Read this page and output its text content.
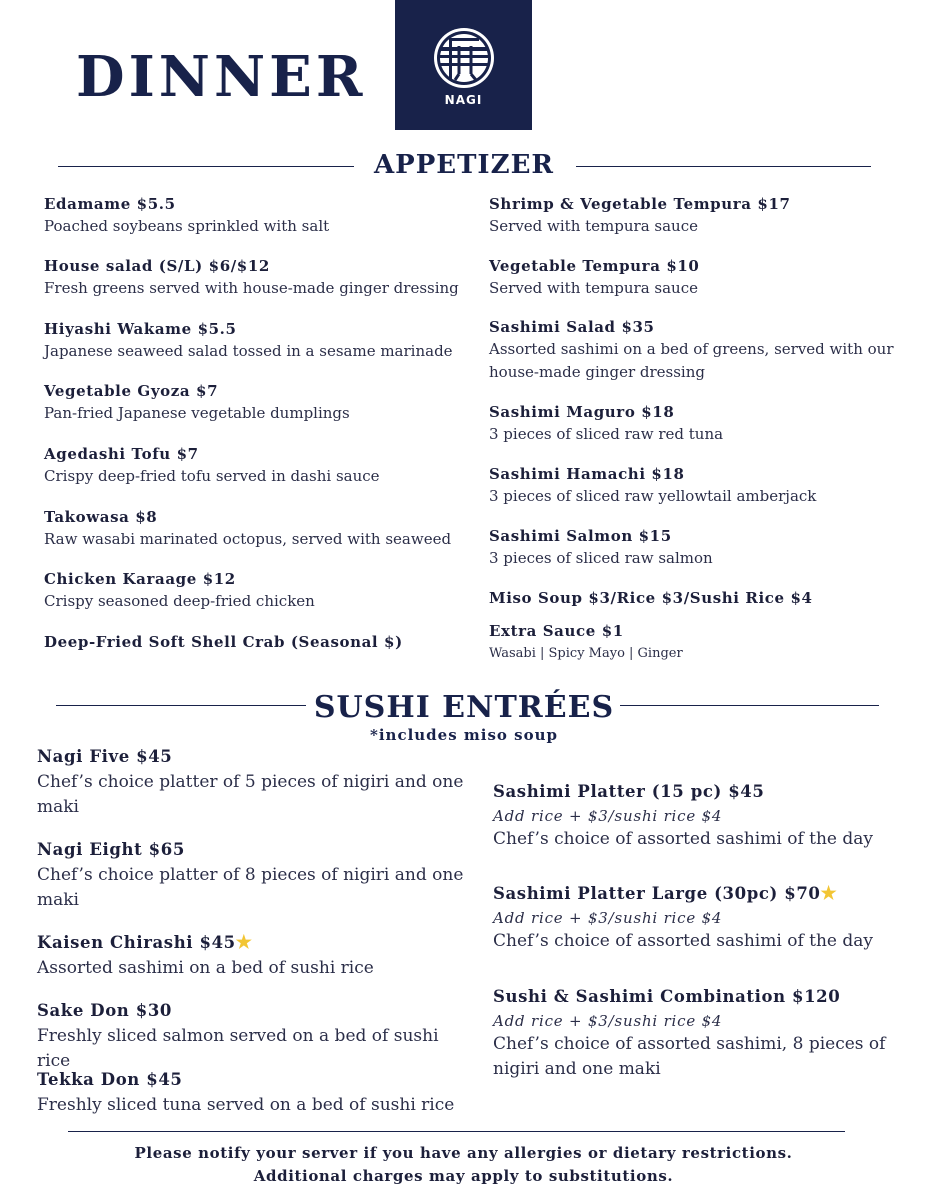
DINNER	NAGI
APPETIZER
Edamame $5.5
Poached soybeans sprinkled with salt
House salad (S/L) $6/$12
Fresh greens served with house-made ginger dressing
Hiyashi Wakame $5.5
Japanese seaweed salad tossed in a sesame marinade
Vegetable Gyoza $7
Pan-fried Japanese vegetable dumplings
Agedashi Tofu $7
Crispy deep-fried tofu served in dashi sauce
Takowasa $8
Raw wasabi marinated octopus, served with seaweed
Chicken Karaage $12
Crispy seasoned deep-fried chicken
Deep-Fried Soft Shell Crab (Seasonal $)
Shrimp & Vegetable Tempura $17
Served with tempura sauce
Vegetable Tempura $10
Served with tempura sauce
Sashimi Salad $35
Assorted sashimi on a bed of greens, served with our house-made ginger dressing
Sashimi Maguro $18
3 pieces of sliced raw red tuna
Sashimi Hamachi $18
3 pieces of sliced raw yellowtail amberjack
Sashimi Salmon $15
3 pieces of sliced raw salmon
Miso Soup $3/Rice $3/Sushi Rice $4
Extra Sauce $1
Wasabi | Spicy Mayo | Ginger
SUSHI ENTRÉES
*includes miso soup
Nagi Five $45
Chef’s choice platter of 5 pieces of nigiri and one maki
Nagi Eight $65
Chef’s choice platter of 8 pieces of nigiri and one maki
Kaisen Chirashi $45★
Assorted sashimi on a bed of sushi rice
Sake Don $30
Freshly sliced salmon served on a bed of sushi rice
Tekka Don $45
Freshly sliced tuna served on a bed of sushi rice
Sashimi Platter (15 pc) $45
Add rice + $3/sushi rice $4
Chef’s choice of assorted sashimi of the day
Sashimi Platter Large (30pc) $70★
Add rice + $3/sushi rice $4
Chef’s choice of assorted sashimi of the day
Sushi & Sashimi Combination $120
Add rice + $3/sushi rice $4
Chef’s choice of assorted sashimi, 8 pieces of nigiri and one maki
Please notify your server if you have any allergies or dietary restrictions.
Additional charges may apply to substitutions.
